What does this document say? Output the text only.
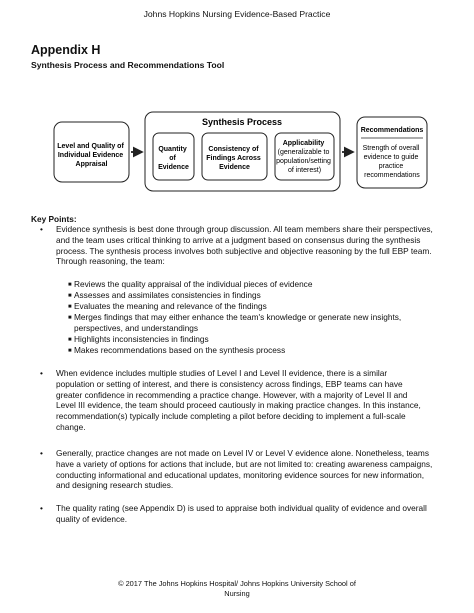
Johns Hopkins Nursing Evidence-Based Practice
Appendix H
Synthesis Process and Recommendations Tool
Level and Quality of Individual Evidence Appraisal
Synthesis Process
Quantity of Evidence
Consistency of Findings Across Evidence
Applicability (generalizable to population/setting of interest)
Recommendations
Strength of overall evidence to guide practice recommendations
Key Points:
• Evidence synthesis is best done through group discussion. All team members share their perspectives,
and the team uses critical thinking to arrive at a judgment based on consensus during the synthesis
process. The synthesis process involves both subjective and objective reasoning by the full EBP team.
Through reasoning, the team:
■ Reviews the quality appraisal of the individual pieces of evidence
■ Assesses and assimilates consistencies in findings
■ Evaluates the meaning and relevance of the findings
■ Merges findings that may either enhance the team's knowledge or generate new insights,
perspectives, and understandings
■ Highlights inconsistencies in findings
■ Makes recommendations based on the synthesis process
• When evidence includes multiple studies of Level I and Level II evidence, there is a similar
population or setting of interest, and there is consistency across findings, EBP teams can have
greater confidence in recommending a practice change. However, with a majority of Level II and
Level III evidence, the team should proceed cautiously in making practice changes. In this instance,
recommendation(s) typically include completing a pilot before deciding to implement a full-scale
change.
• Generally, practice changes are not made on Level IV or Level V evidence alone. Nonetheless, teams
have a variety of options for actions that include, but are not limited to: creating awareness campaigns,
conducting informational and educational updates, monitoring evidence sources for new information,
and designing research studies.
• The quality rating (see Appendix D) is used to appraise both individual quality of evidence and overall
quality of evidence.
© 2017 The Johns Hopkins Hospital/ Johns Hopkins University School of
Nursing
